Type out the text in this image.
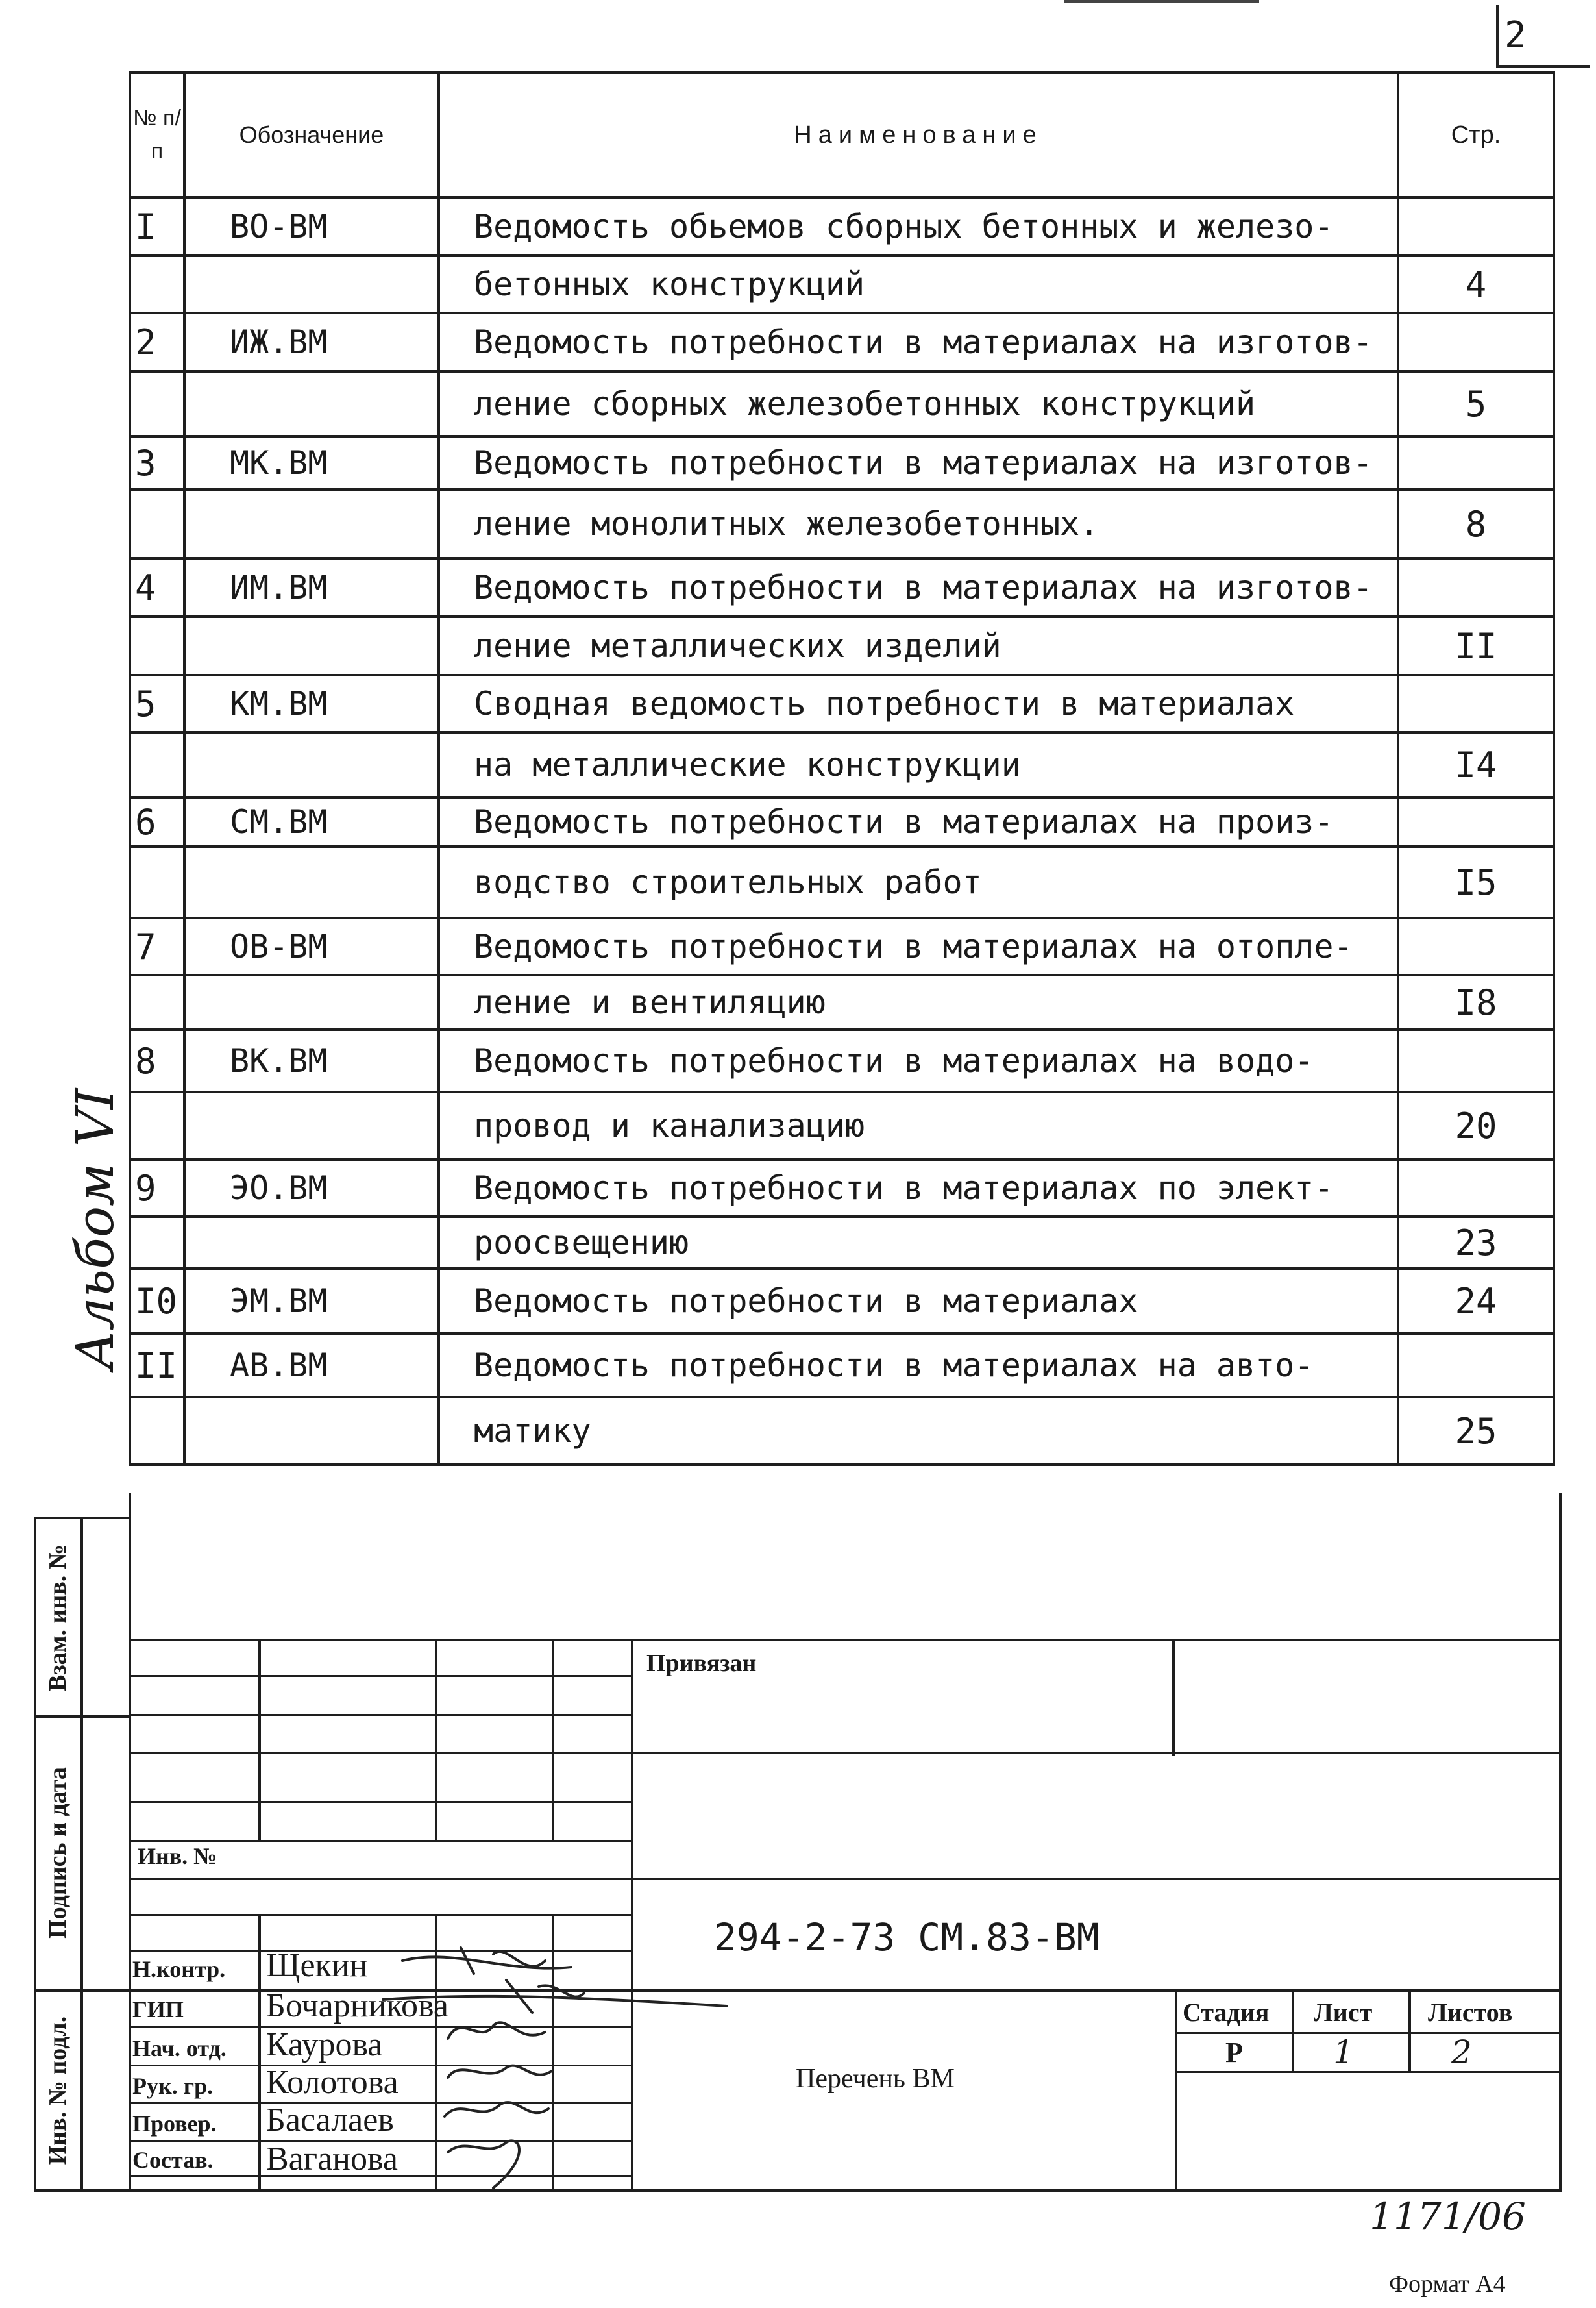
2
№ п/п	Обозначение	Наименование	Стр.
I	ВО-ВМ	Ведомость обьемов сборных бетонных и железо-	
		бетонных конструкций	4
2	ИЖ.ВМ	Ведомость потребности в материалах на изготов-	
		ление сборных железобетонных конструкций	5
3	МК.ВМ	Ведомость потребности в материалах на изготов-	
		ление монолитных железобетонных.	8
4	ИМ.ВМ	Ведомость потребности в материалах на изготов-	
		ление металлических изделий	II
5	КМ.ВМ	Сводная ведомость потребности в материалах	
		на металлические конструкции	I4
6	СМ.ВМ	Ведомость потребности в материалах на произ-	
		водство строительных работ	I5
7	ОВ-ВМ	Ведомость потребности в материалах на отопле-	
		ление и вентиляцию	I8
8	ВК.ВМ	Ведомость потребности в материалах на водо-	
		провод и канализацию	20
9	ЭО.ВМ	Ведомость потребности в материалах по элект-	
		роосвещению	23
I0	ЭМ.ВМ	Ведомость потребности в материалах	24
II	АВ.ВМ	Ведомость потребности в материалах на авто-	
		матику	25
Альбом VI
Взам. инв. №
Подпись и дата
Инв. № подл.
Привязан
Инв. №
294-2-73 СМ.83-ВМ
Перечень ВМ
Стадия Лист Листов
Р	1	2
Н.контр. Щекин
ГИП Бочарникова
Нач. отд. Каурова
Рук. гр. Колотова
Провер. Басалаев
Состав. Ваганова
1171/06
Формат А4
